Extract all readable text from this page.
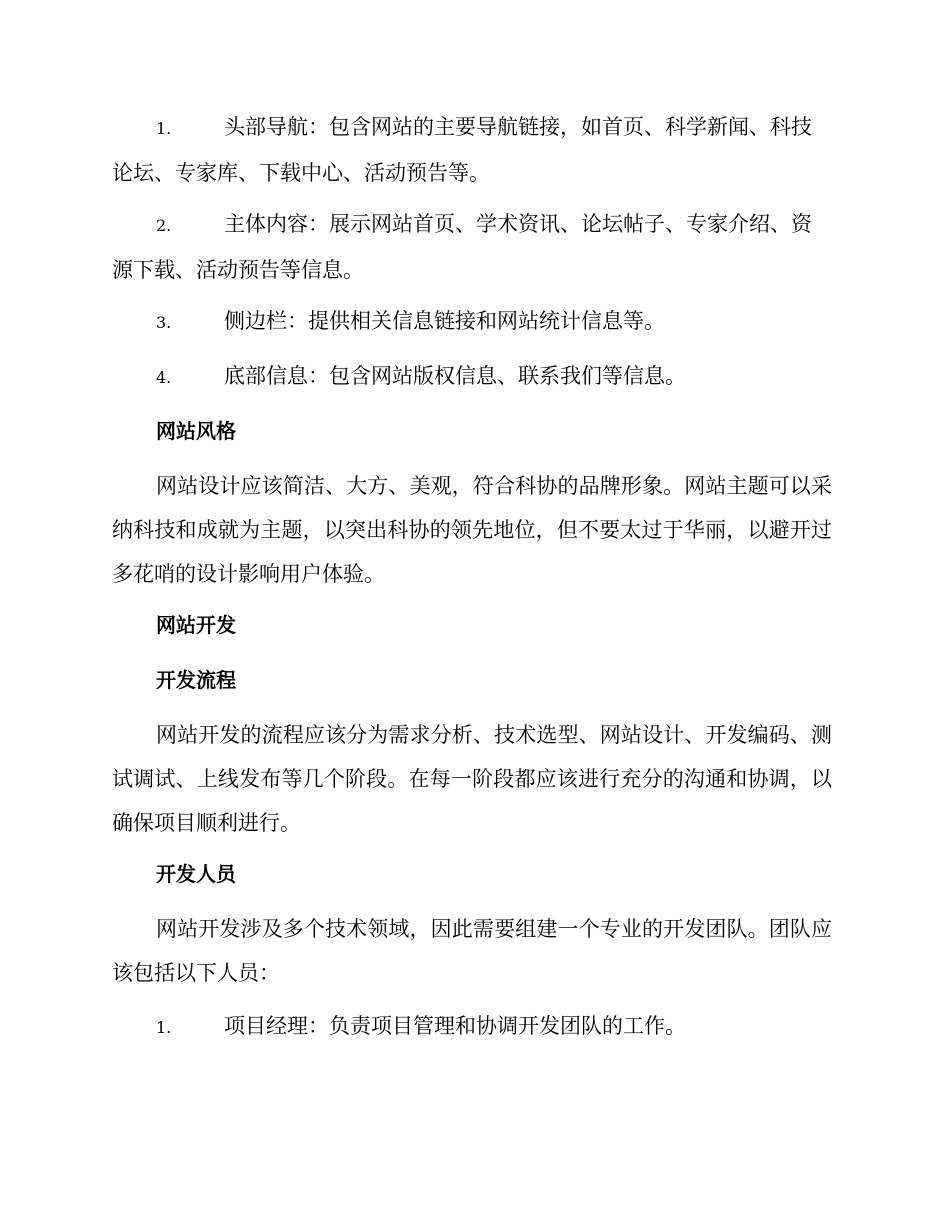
1.	头部导航：包含网站的主要导航链接，如首页、科学新闻、科技论坛、专家库、下载中心、活动预告等。
2.	主体内容：展示网站首页、学术资讯、论坛帖子、专家介绍、资源下载、活动预告等信息。
3.	侧边栏：提供相关信息链接和网站统计信息等。
4.	底部信息：包含网站版权信息、联系我们等信息。
网站风格
网站设计应该简洁、大方、美观，符合科协的品牌形象。网站主题可以采纳科技和成就为主题，以突出科协的领先地位，但不要太过于华丽，以避开过多花哨的设计影响用户体验。
网站开发
开发流程
网站开发的流程应该分为需求分析、技术选型、网站设计、开发编码、测试调试、上线发布等几个阶段。在每一阶段都应该进行充分的沟通和协调，以确保项目顺利进行。
开发人员
网站开发涉及多个技术领域，因此需要组建一个专业的开发团队。团队应该包括以下人员：
1.	项目经理：负责项目管理和协调开发团队的工作。
